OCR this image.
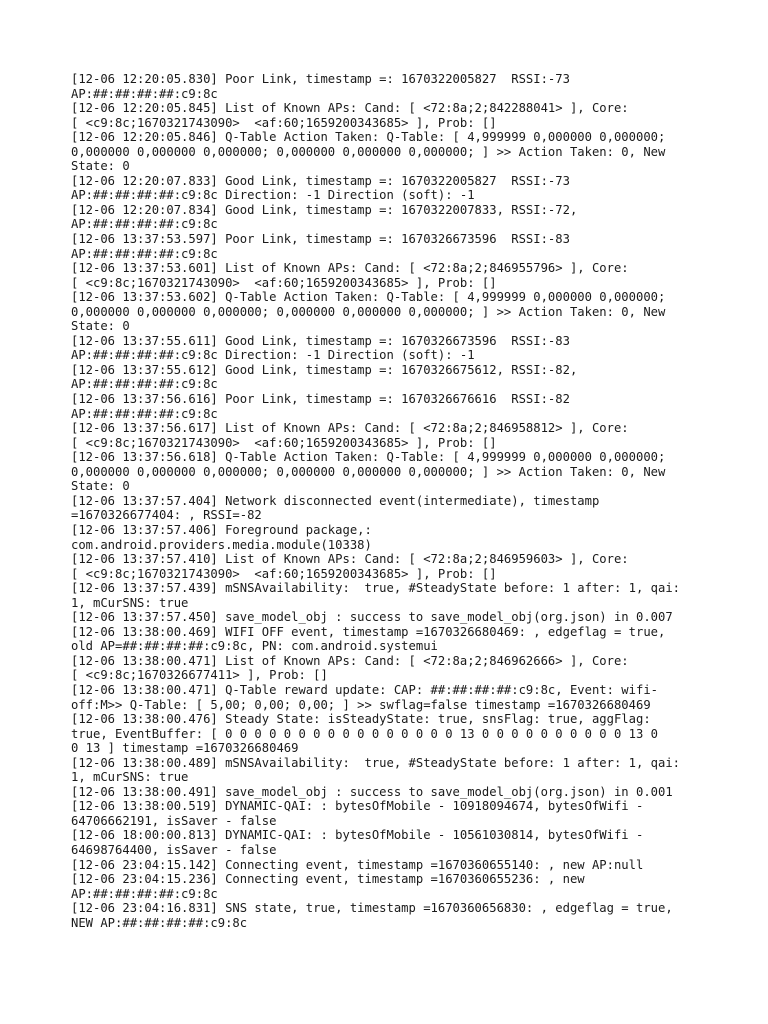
[12-06 12:20:05.830] Poor Link, timestamp =: 1670322005827  RSSI:-73
AP:##:##:##:##:c9:8c
[12-06 12:20:05.845] List of Known APs: Cand: [ <72:8a;2;842288041> ], Core:
[ <c9:8c;1670321743090>  <af:60;1659200343685> ], Prob: []
[12-06 12:20:05.846] Q-Table Action Taken: Q-Table: [ 4,999999 0,000000 0,000000;
0,000000 0,000000 0,000000; 0,000000 0,000000 0,000000; ] >> Action Taken: 0, New
State: 0
[12-06 12:20:07.833] Good Link, timestamp =: 1670322005827  RSSI:-73
AP:##:##:##:##:c9:8c Direction: -1 Direction (soft): -1
[12-06 12:20:07.834] Good Link, timestamp =: 1670322007833, RSSI:-72,
AP:##:##:##:##:c9:8c
[12-06 13:37:53.597] Poor Link, timestamp =: 1670326673596  RSSI:-83
AP:##:##:##:##:c9:8c
[12-06 13:37:53.601] List of Known APs: Cand: [ <72:8a;2;846955796> ], Core:
[ <c9:8c;1670321743090>  <af:60;1659200343685> ], Prob: []
[12-06 13:37:53.602] Q-Table Action Taken: Q-Table: [ 4,999999 0,000000 0,000000;
0,000000 0,000000 0,000000; 0,000000 0,000000 0,000000; ] >> Action Taken: 0, New
State: 0
[12-06 13:37:55.611] Good Link, timestamp =: 1670326673596  RSSI:-83
AP:##:##:##:##:c9:8c Direction: -1 Direction (soft): -1
[12-06 13:37:55.612] Good Link, timestamp =: 1670326675612, RSSI:-82,
AP:##:##:##:##:c9:8c
[12-06 13:37:56.616] Poor Link, timestamp =: 1670326676616  RSSI:-82
AP:##:##:##:##:c9:8c
[12-06 13:37:56.617] List of Known APs: Cand: [ <72:8a;2;846958812> ], Core:
[ <c9:8c;1670321743090>  <af:60;1659200343685> ], Prob: []
[12-06 13:37:56.618] Q-Table Action Taken: Q-Table: [ 4,999999 0,000000 0,000000;
0,000000 0,000000 0,000000; 0,000000 0,000000 0,000000; ] >> Action Taken: 0, New
State: 0
[12-06 13:37:57.404] Network disconnected event(intermediate), timestamp
=1670326677404: , RSSI=-82
[12-06 13:37:57.406] Foreground package,:
com.android.providers.media.module(10338)
[12-06 13:37:57.410] List of Known APs: Cand: [ <72:8a;2;846959603> ], Core:
[ <c9:8c;1670321743090>  <af:60;1659200343685> ], Prob: []
[12-06 13:37:57.439] mSNSAvailability:  true, #SteadyState before: 1 after: 1, qai:
1, mCurSNS: true
[12-06 13:37:57.450] save_model_obj : success to save_model_obj(org.json) in 0.007
[12-06 13:38:00.469] WIFI OFF event, timestamp =1670326680469: , edgeflag = true,
old AP=##:##:##:##:c9:8c, PN: com.android.systemui
[12-06 13:38:00.471] List of Known APs: Cand: [ <72:8a;2;846962666> ], Core:
[ <c9:8c;1670326677411> ], Prob: []
[12-06 13:38:00.471] Q-Table reward update: CAP: ##:##:##:##:c9:8c, Event: wifi-
off:M>> Q-Table: [ 5,00; 0,00; 0,00; ] >> swflag=false timestamp =1670326680469
[12-06 13:38:00.476] Steady State: isSteadyState: true, snsFlag: true, aggFlag:
true, EventBuffer: [ 0 0 0 0 0 0 0 0 0 0 0 0 0 0 0 0 13 0 0 0 0 0 0 0 0 0 0 13 0
0 13 ] timestamp =1670326680469
[12-06 13:38:00.489] mSNSAvailability:  true, #SteadyState before: 1 after: 1, qai:
1, mCurSNS: true
[12-06 13:38:00.491] save_model_obj : success to save_model_obj(org.json) in 0.001
[12-06 13:38:00.519] DYNAMIC-QAI: : bytesOfMobile - 10918094674, bytesOfWifi -
64706662191, isSaver - false
[12-06 18:00:00.813] DYNAMIC-QAI: : bytesOfMobile - 10561030814, bytesOfWifi -
64698764400, isSaver - false
[12-06 23:04:15.142] Connecting event, timestamp =1670360655140: , new AP:null
[12-06 23:04:15.236] Connecting event, timestamp =1670360655236: , new
AP:##:##:##:##:c9:8c
[12-06 23:04:16.831] SNS state, true, timestamp =1670360656830: , edgeflag = true,
NEW AP:##:##:##:##:c9:8c
